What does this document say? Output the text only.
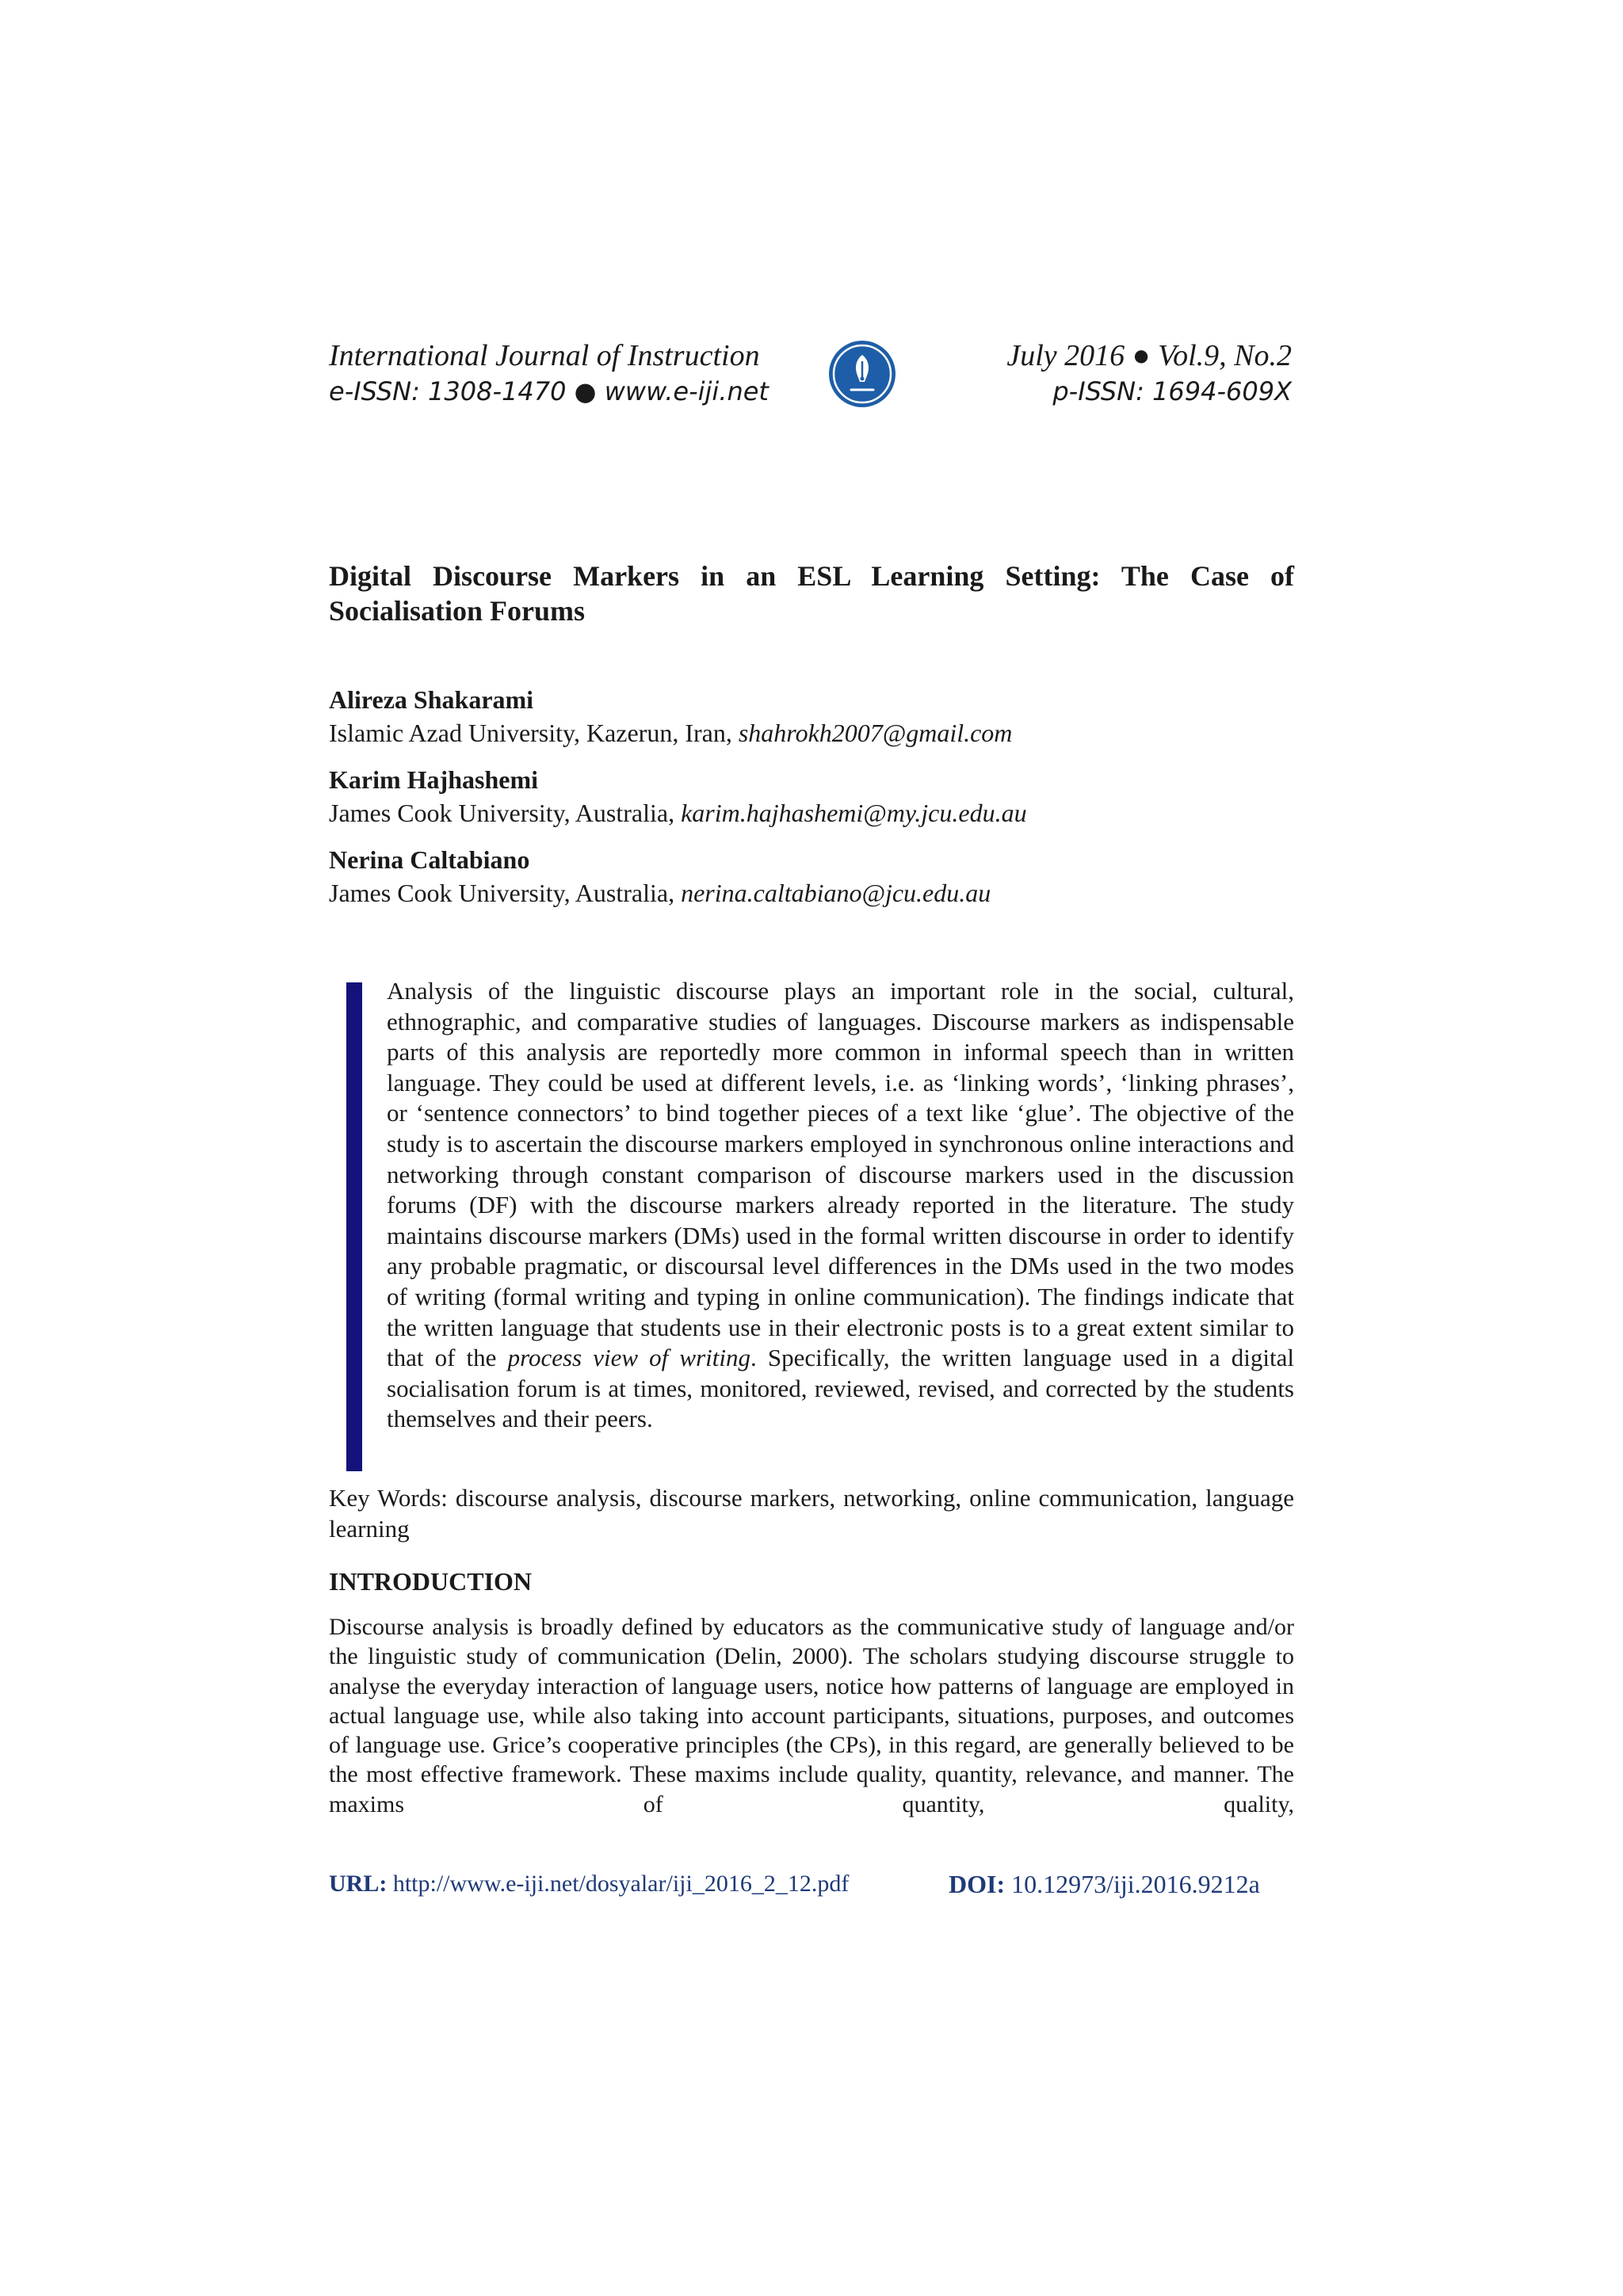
International Journal of Instruction
e-ISSN: 1308-1470 ● www.e-iji.net
July 2016 ● Vol.9, No.2
p-ISSN: 1694-609X
Digital Discourse Markers in an ESL Learning Setting: The Case of Socialisation Forums
Alireza Shakarami
Islamic Azad University, Kazerun, Iran, shahrokh2007@gmail.com
Karim Hajhashemi
James Cook University, Australia, karim.hajhashemi@my.jcu.edu.au
Nerina Caltabiano
James Cook University, Australia, nerina.caltabiano@jcu.edu.au
Analysis of the linguistic discourse plays an important role in the social, cultural, ethnographic, and comparative studies of languages. Discourse markers as indispensable parts of this analysis are reportedly more common in informal speech than in written language. They could be used at different levels, i.e. as ‘linking words’, ‘linking phrases’, or ‘sentence connectors’ to bind together pieces of a text like ‘glue’. The objective of the study is to ascertain the discourse markers employed in synchronous online interactions and networking through constant comparison of discourse markers used in the discussion forums (DF) with the discourse markers already reported in the literature. The study maintains discourse markers (DMs) used in the formal written discourse in order to identify any probable pragmatic, or discoursal level differences in the DMs used in the two modes of writing (formal writing and typing in online communication). The findings indicate that the written language that students use in their electronic posts is to a great extent similar to that of the process view of writing. Specifically, the written language used in a digital socialisation forum is at times, monitored, reviewed, revised, and corrected by the students themselves and their peers.
Key Words: discourse analysis, discourse markers, networking, online communication, language learning
INTRODUCTION
Discourse analysis is broadly defined by educators as the communicative study of language and/or the linguistic study of communication (Delin, 2000). The scholars studying discourse struggle to analyse the everyday interaction of language users, notice how patterns of language are employed in actual language use, while also taking into account participants, situations, purposes, and outcomes of language use. Grice’s cooperative principles (the CPs), in this regard, are generally believed to be the most effective framework. These maxims include quality, quantity, relevance, and manner. The maxims of quantity, quality,
URL: http://www.e-iji.net/dosyalar/iji_2016_2_12.pdf	DOI: 10.12973/iji.2016.9212a
